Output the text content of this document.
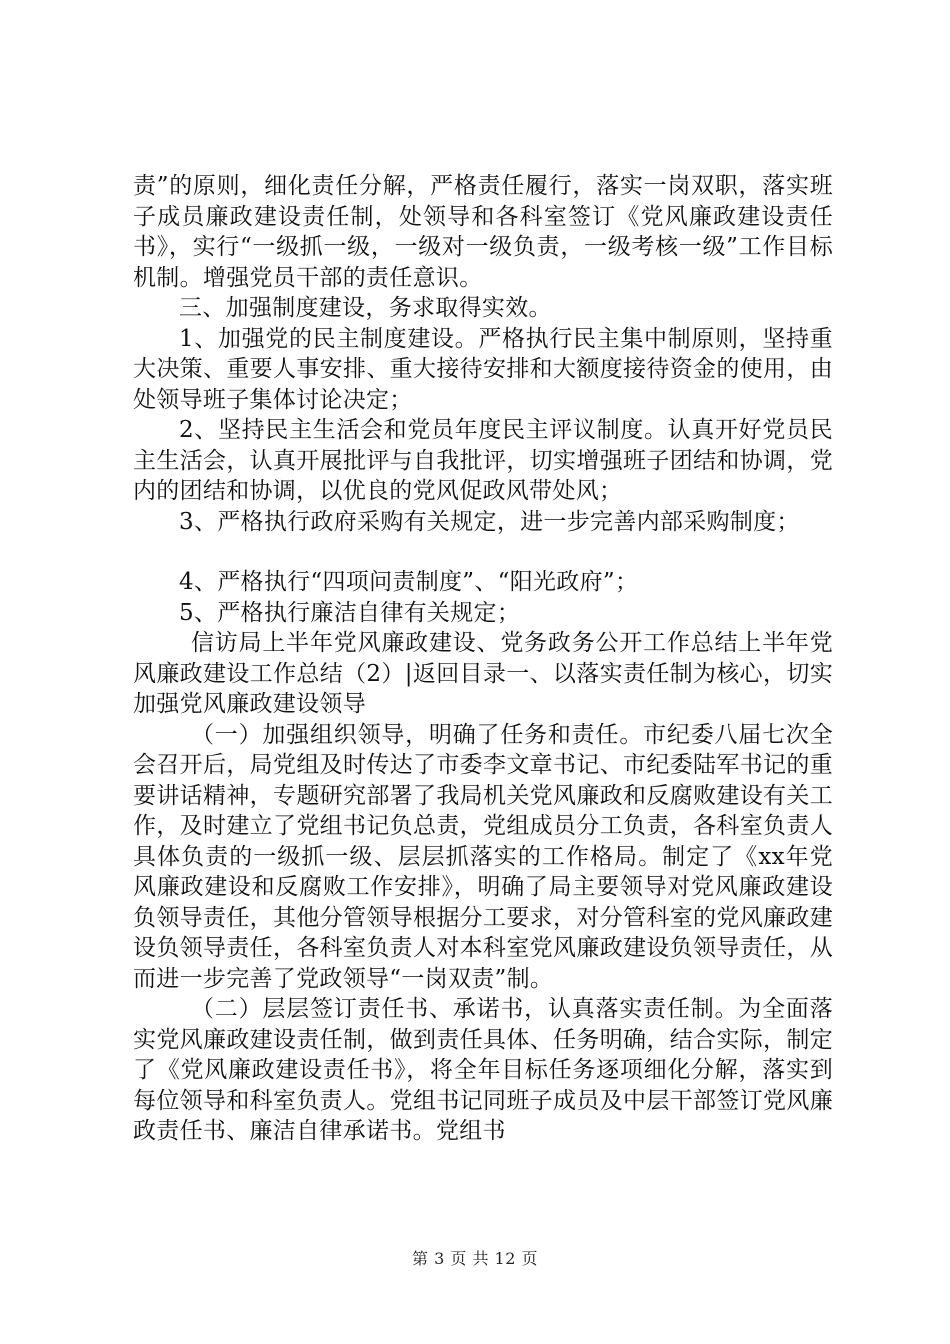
责”的原则，细化责任分解，严格责任履行，落实一岗双职，落实班子成员廉政建设责任制，处领导和各科室签订《党风廉政建设责任书》，实行“一级抓一级，一级对一级负责，一级考核一级”工作目标机制。增强党员干部的责任意识。

三、加强制度建设，务求取得实效。

1、加强党的民主制度建设。严格执行民主集中制原则，坚持重大决策、重要人事安排、重大接待安排和大额度接待资金的使用，由处领导班子集体讨论决定；

2、坚持民主生活会和党员年度民主评议制度。认真开好党员民主生活会，认真开展批评与自我批评，切实增强班子团结和协调，党内的团结和协调，以优良的党风促政风带处风；

3、严格执行政府采购有关规定，进一步完善内部采购制度；

4、严格执行“四项问责制度”、“阳光政府”；

5、严格执行廉洁自律有关规定；

信访局上半年党风廉政建设、党务政务公开工作总结上半年党风廉政建设工作总结（2）|返回目录一、以落实责任制为核心，切实加强党风廉政建设领导

（一）加强组织领导，明确了任务和责任。市纪委八届七次全会召开后，局党组及时传达了市委李文章书记、市纪委陆军书记的重要讲话精神，专题研究部署了我局机关党风廉政和反腐败建设有关工作，及时建立了党组书记负总责，党组成员分工负责，各科室负责人具体负责的一级抓一级、层层抓落实的工作格局。制定了《xx年党风廉政建设和反腐败工作安排》，明确了局主要领导对党风廉政建设负领导责任，其他分管领导根据分工要求，对分管科室的党风廉政建设负领导责任，各科室负责人对本科室党风廉政建设负领导责任，从而进一步完善了党政领导“一岗双责”制。

（二）层层签订责任书、承诺书，认真落实责任制。为全面落实党风廉政建设责任制，做到责任具体、任务明确，结合实际，制定了《党风廉政建设责任书》，将全年目标任务逐项细化分解，落实到每位领导和科室负责人。党组书记同班子成员及中层干部签订党风廉政责任书、廉洁自律承诺书。党组书

第 3 页 共 12 页
